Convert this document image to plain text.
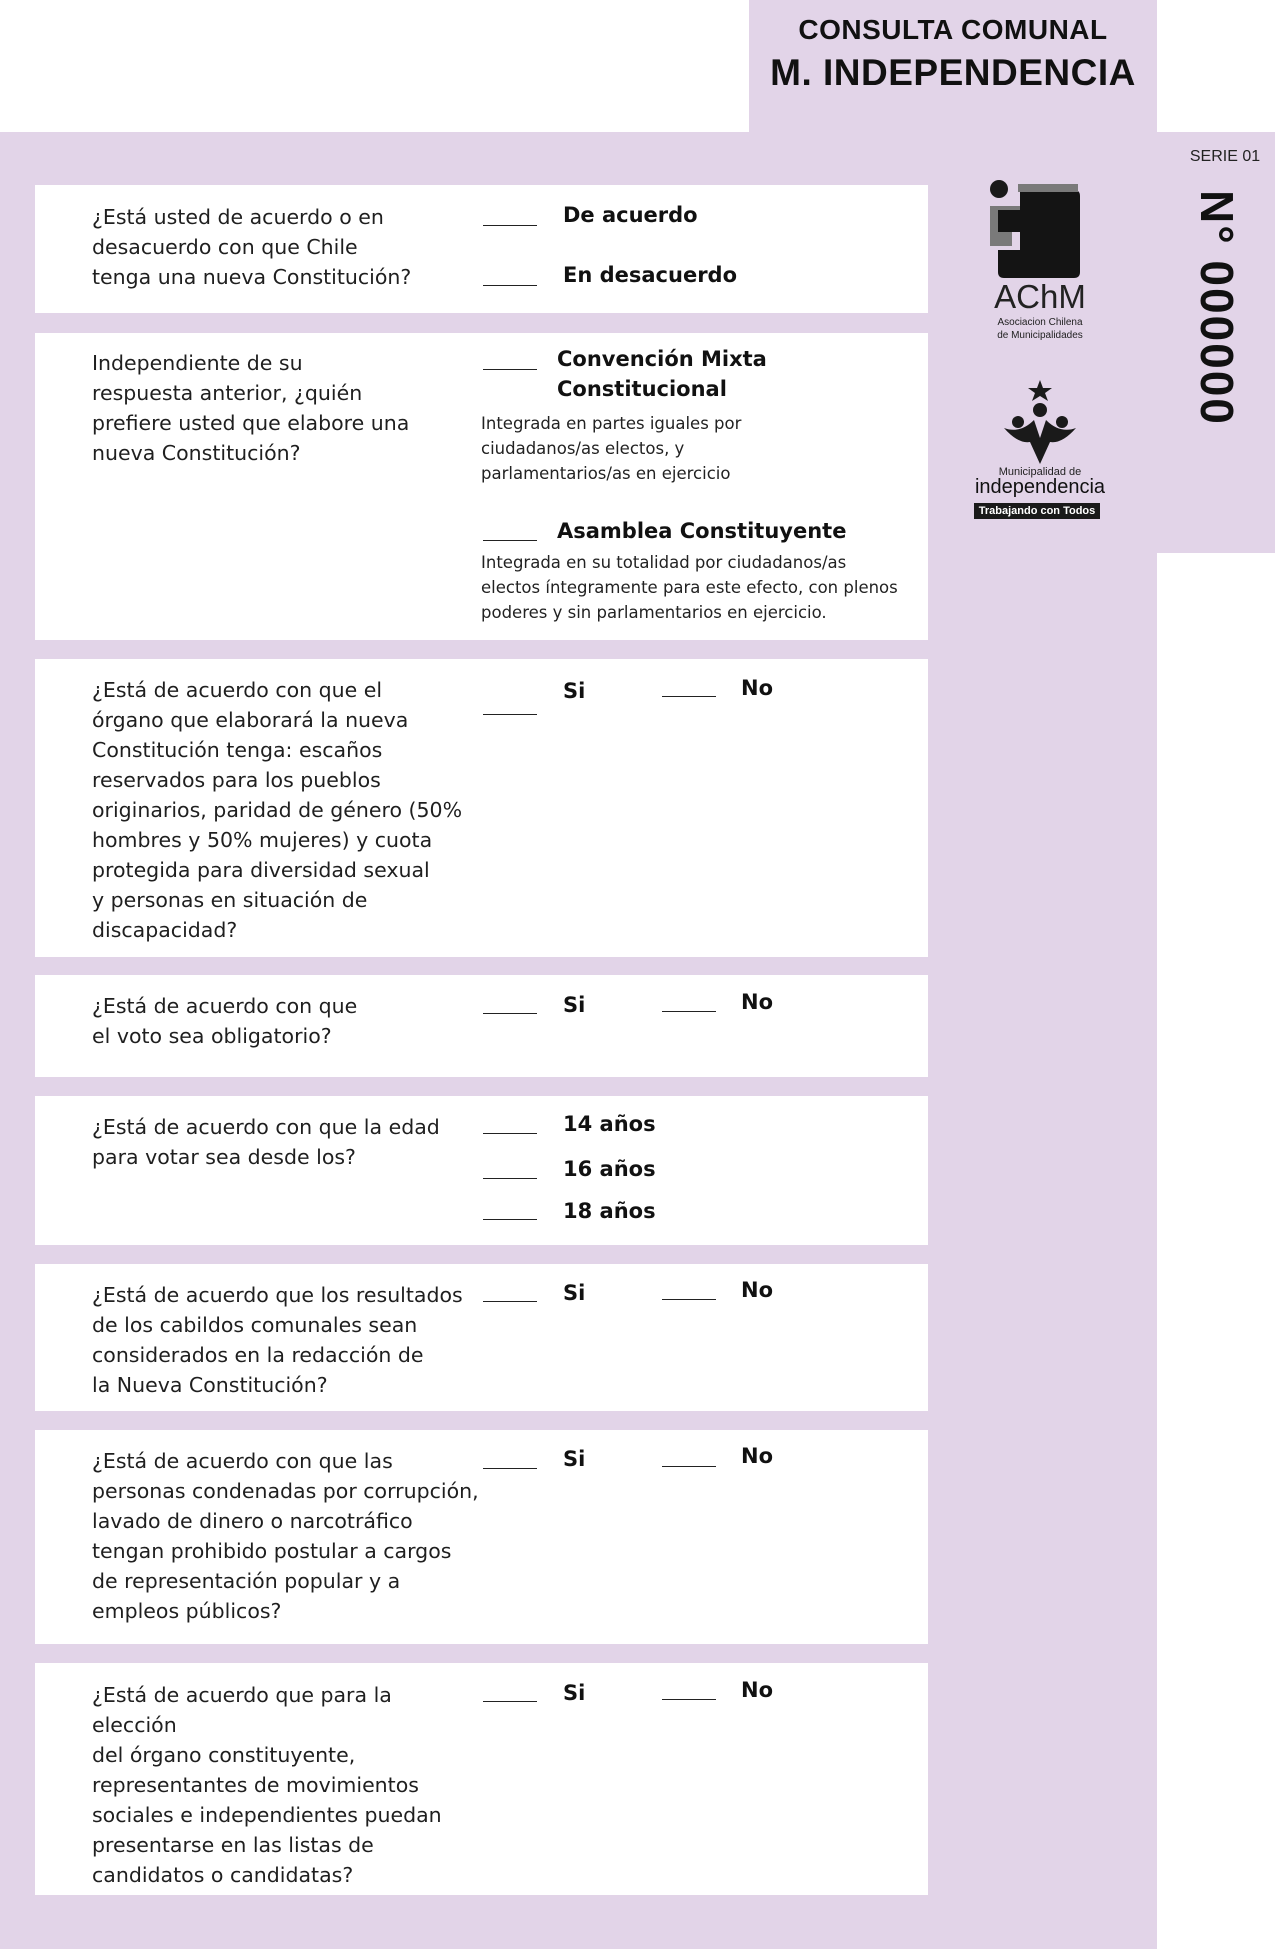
CONSULTA COMUNAL
M. INDEPENDENCIA
SERIE 01
N° 000000
AChM
Asociacion Chilena
de Municipalidades
Municipalidad de
independencia
Trabajando con Todos
¿Está usted de acuerdo o en
desacuerdo con que Chile
tenga una nueva Constitución?
De acuerdo
En desacuerdo
Independiente de su
respuesta anterior, ¿quién
prefiere usted que elabore una
nueva Constitución?
Convención Mixta
Constitucional
Integrada en partes iguales por
ciudadanos/as electos, y
parlamentarios/as en ejercicio
Asamblea Constituyente
Integrada en su totalidad por ciudadanos/as
electos íntegramente para este efecto, con plenos
poderes y sin parlamentarios en ejercicio.
¿Está de acuerdo con que el
órgano que elaborará la nueva
Constitución tenga: escaños
reservados para los pueblos
originarios, paridad de género (50%
hombres y 50% mujeres) y cuota
protegida para diversidad sexual
y personas en situación de
discapacidad?
Si	No
¿Está de acuerdo con que
el voto sea obligatorio?
Si	No
¿Está de acuerdo con que la edad
para votar sea desde los?
14 años
16 años
18 años
¿Está de acuerdo que los resultados
de los cabildos comunales sean
considerados en la redacción de
la Nueva Constitución?
Si	No
¿Está de acuerdo con que las
personas condenadas por corrupción,
lavado de dinero o narcotráfico
tengan prohibido postular a cargos
de representación popular y a
empleos públicos?
Si	No
¿Está de acuerdo que para la elección
del órgano constituyente,
representantes de movimientos
sociales e independientes puedan
presentarse en las listas de
candidatos o candidatas?
Si	No
